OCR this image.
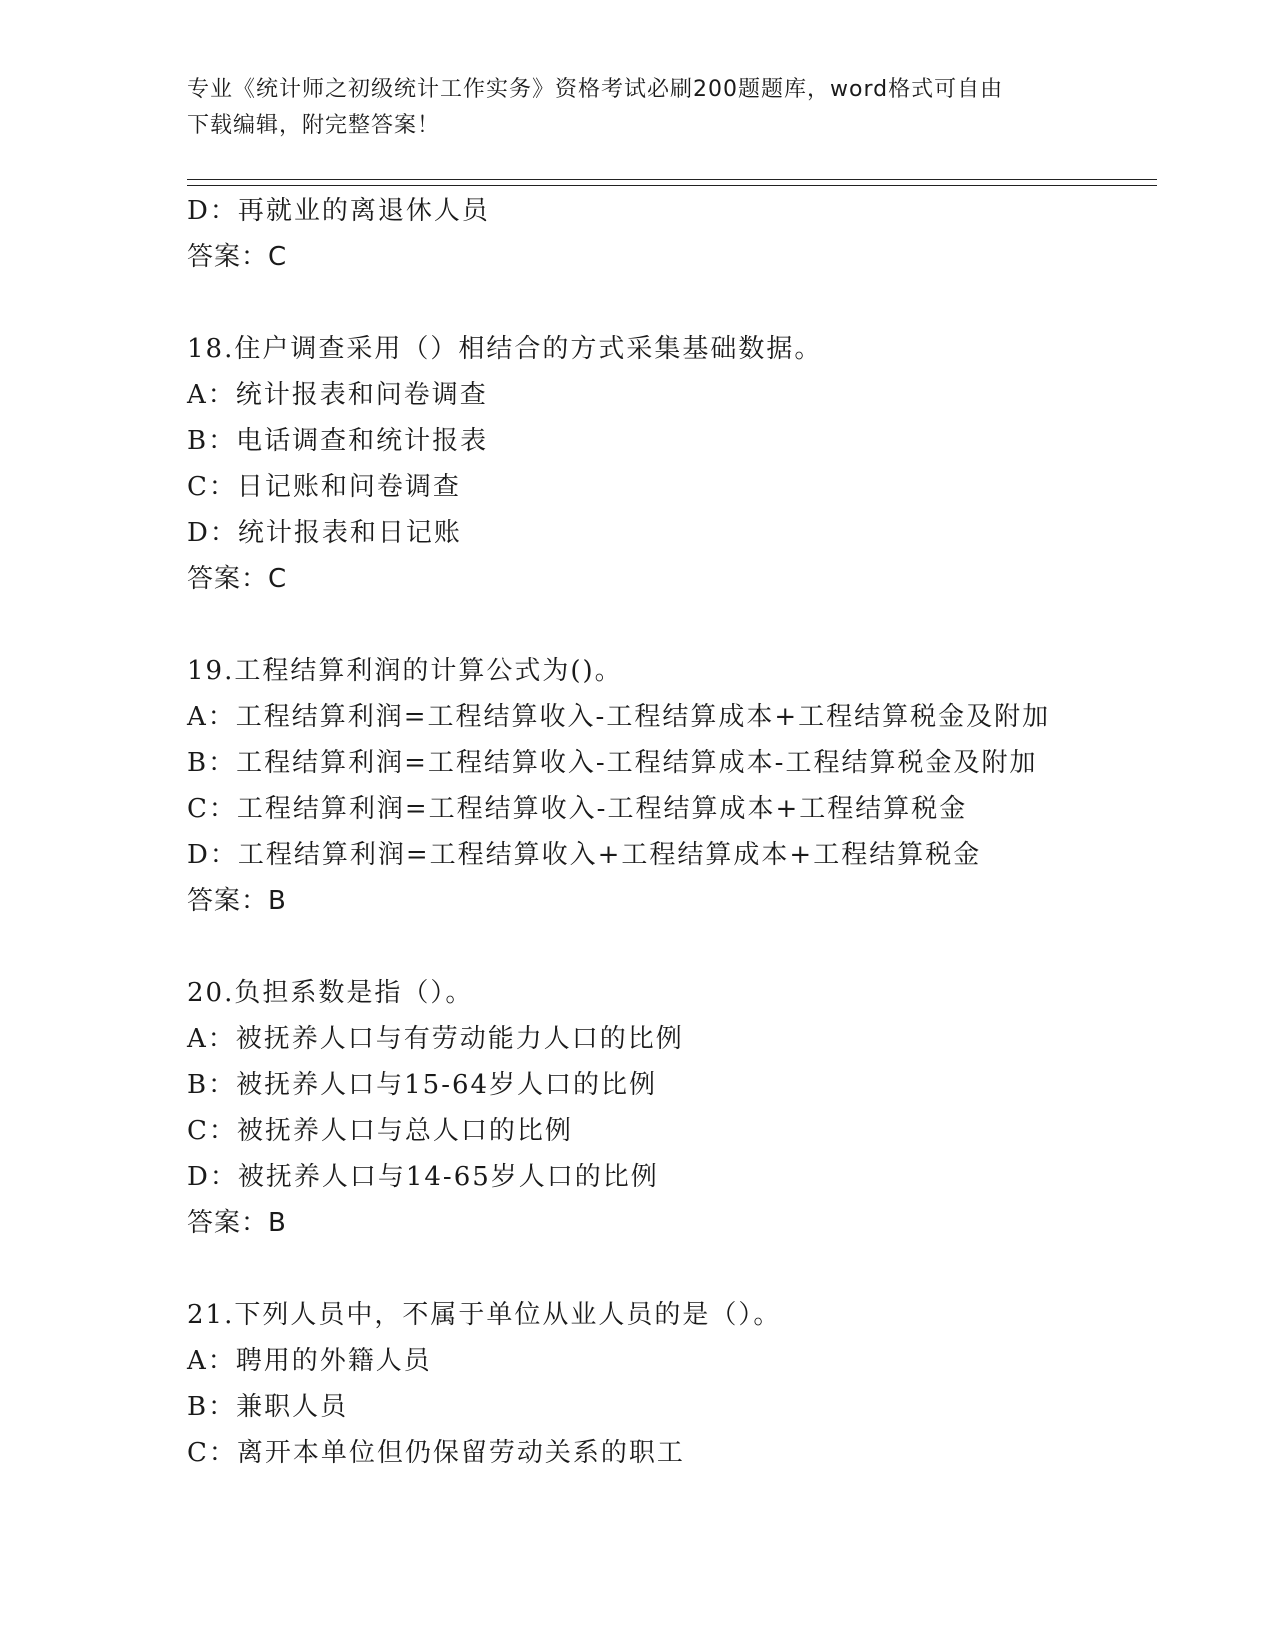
专业《统计师之初级统计工作实务》资格考试必刷200题题库，word格式可自由
下载编辑，附完整答案！
D：再就业的离退休人员
答案：C
18.住户调查采用（）相结合的方式采集基础数据。
A：统计报表和问卷调查
B：电话调查和统计报表
C：日记账和问卷调查
D：统计报表和日记账
答案：C
19.工程结算利润的计算公式为()。
A：工程结算利润=工程结算收入-工程结算成本+工程结算税金及附加
B：工程结算利润=工程结算收入-工程结算成本-工程结算税金及附加
C：工程结算利润=工程结算收入-工程结算成本+工程结算税金
D：工程结算利润=工程结算收入+工程结算成本+工程结算税金
答案：B
20.负担系数是指（）。
A：被抚养人口与有劳动能力人口的比例
B：被抚养人口与15-64岁人口的比例
C：被抚养人口与总人口的比例
D：被抚养人口与14-65岁人口的比例
答案：B
21.下列人员中，不属于单位从业人员的是（）。
A：聘用的外籍人员
B：兼职人员
C：离开本单位但仍保留劳动关系的职工
